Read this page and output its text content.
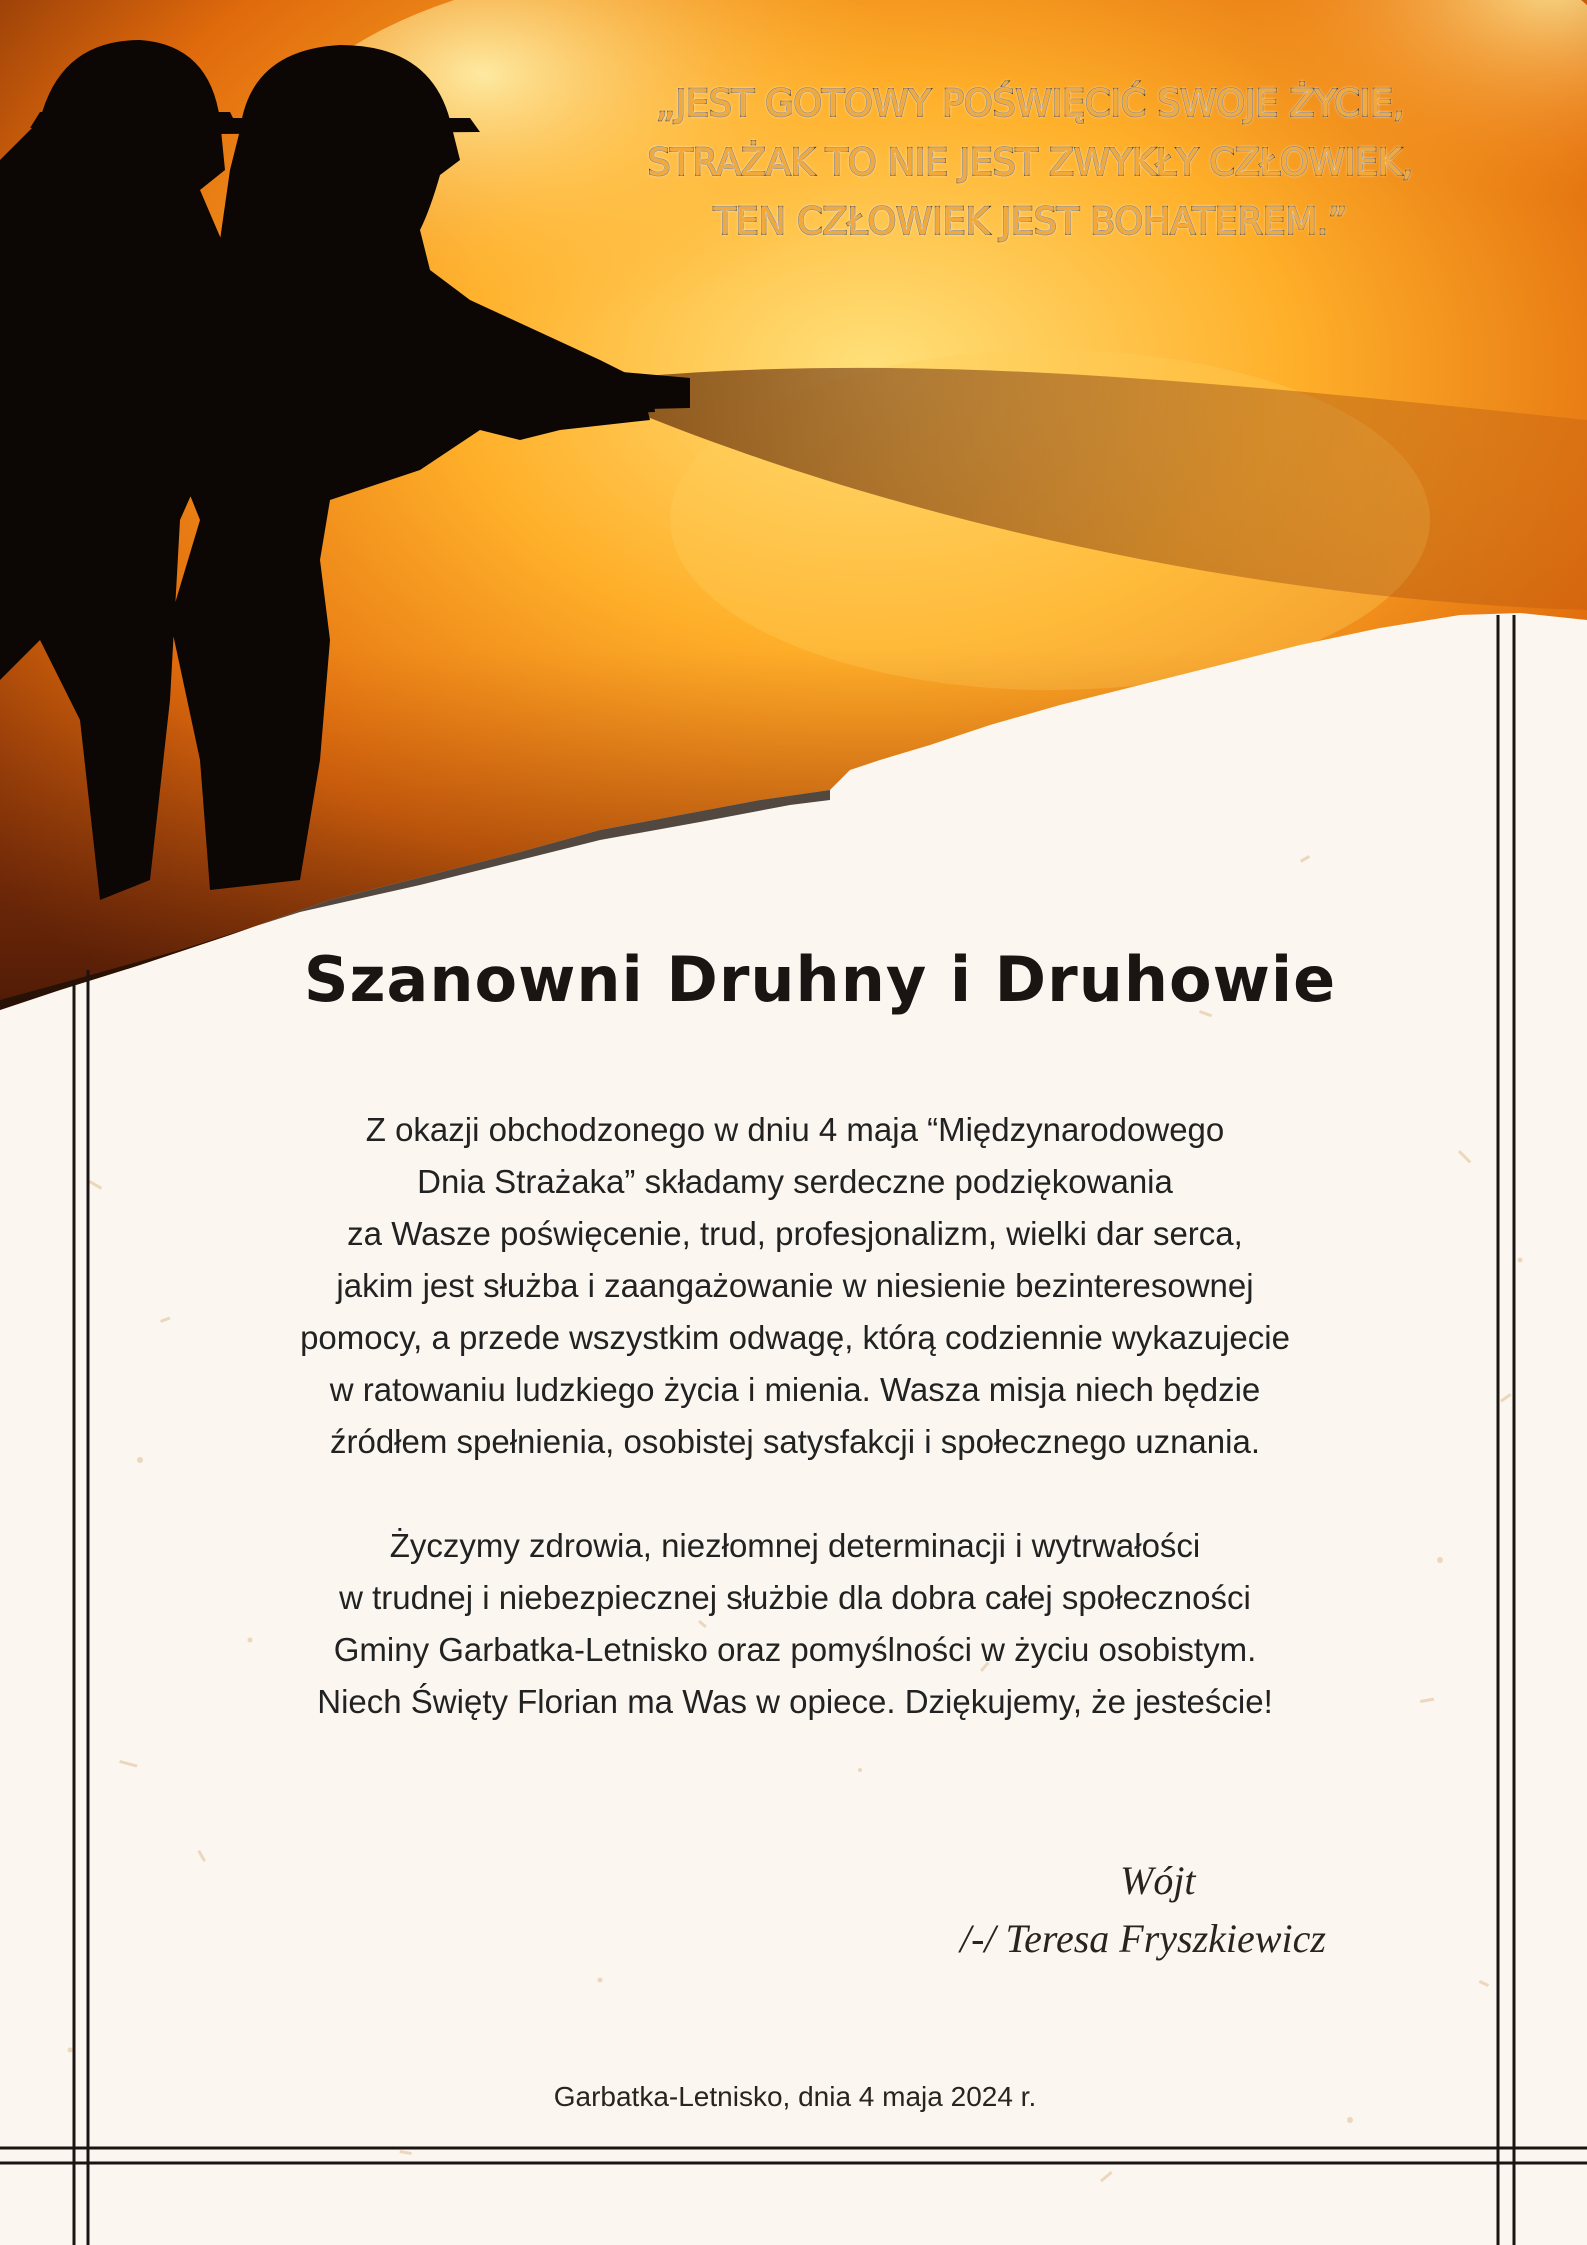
„JEST GOTOWY POŚWIĘCIĆ SWOJE ŻYCIE,
STRAŻAK TO NIE JEST ZWYKŁY CZŁOWIEK,
TEN CZŁOWIEK JEST BOHATEREM.”
Szanowni Druhny i Druhowie
Z okazji obchodzonego w dniu 4 maja “Międzynarodowego
Dnia Strażaka” składamy serdeczne podziękowania
za Wasze poświęcenie, trud, profesjonalizm, wielki dar serca,
jakim jest służba i zaangażowanie w niesienie bezinteresownej
pomocy, a przede wszystkim odwagę, którą codziennie wykazujecie
w ratowaniu ludzkiego życia i mienia. Wasza misja niech będzie
źródłem spełnienia, osobistej satysfakcji i społecznego uznania.
Życzymy zdrowia, niezłomnej determinacji i wytrwałości
w trudnej i niebezpiecznej służbie dla dobra całej społeczności
Gminy Garbatka-Letnisko oraz pomyślności w życiu osobistym.
Niech Święty Florian ma Was w opiece. Dziękujemy, że jesteście!
Wójt
/-/ Teresa Fryszkiewicz
Garbatka-Letnisko, dnia 4 maja 2024 r.
